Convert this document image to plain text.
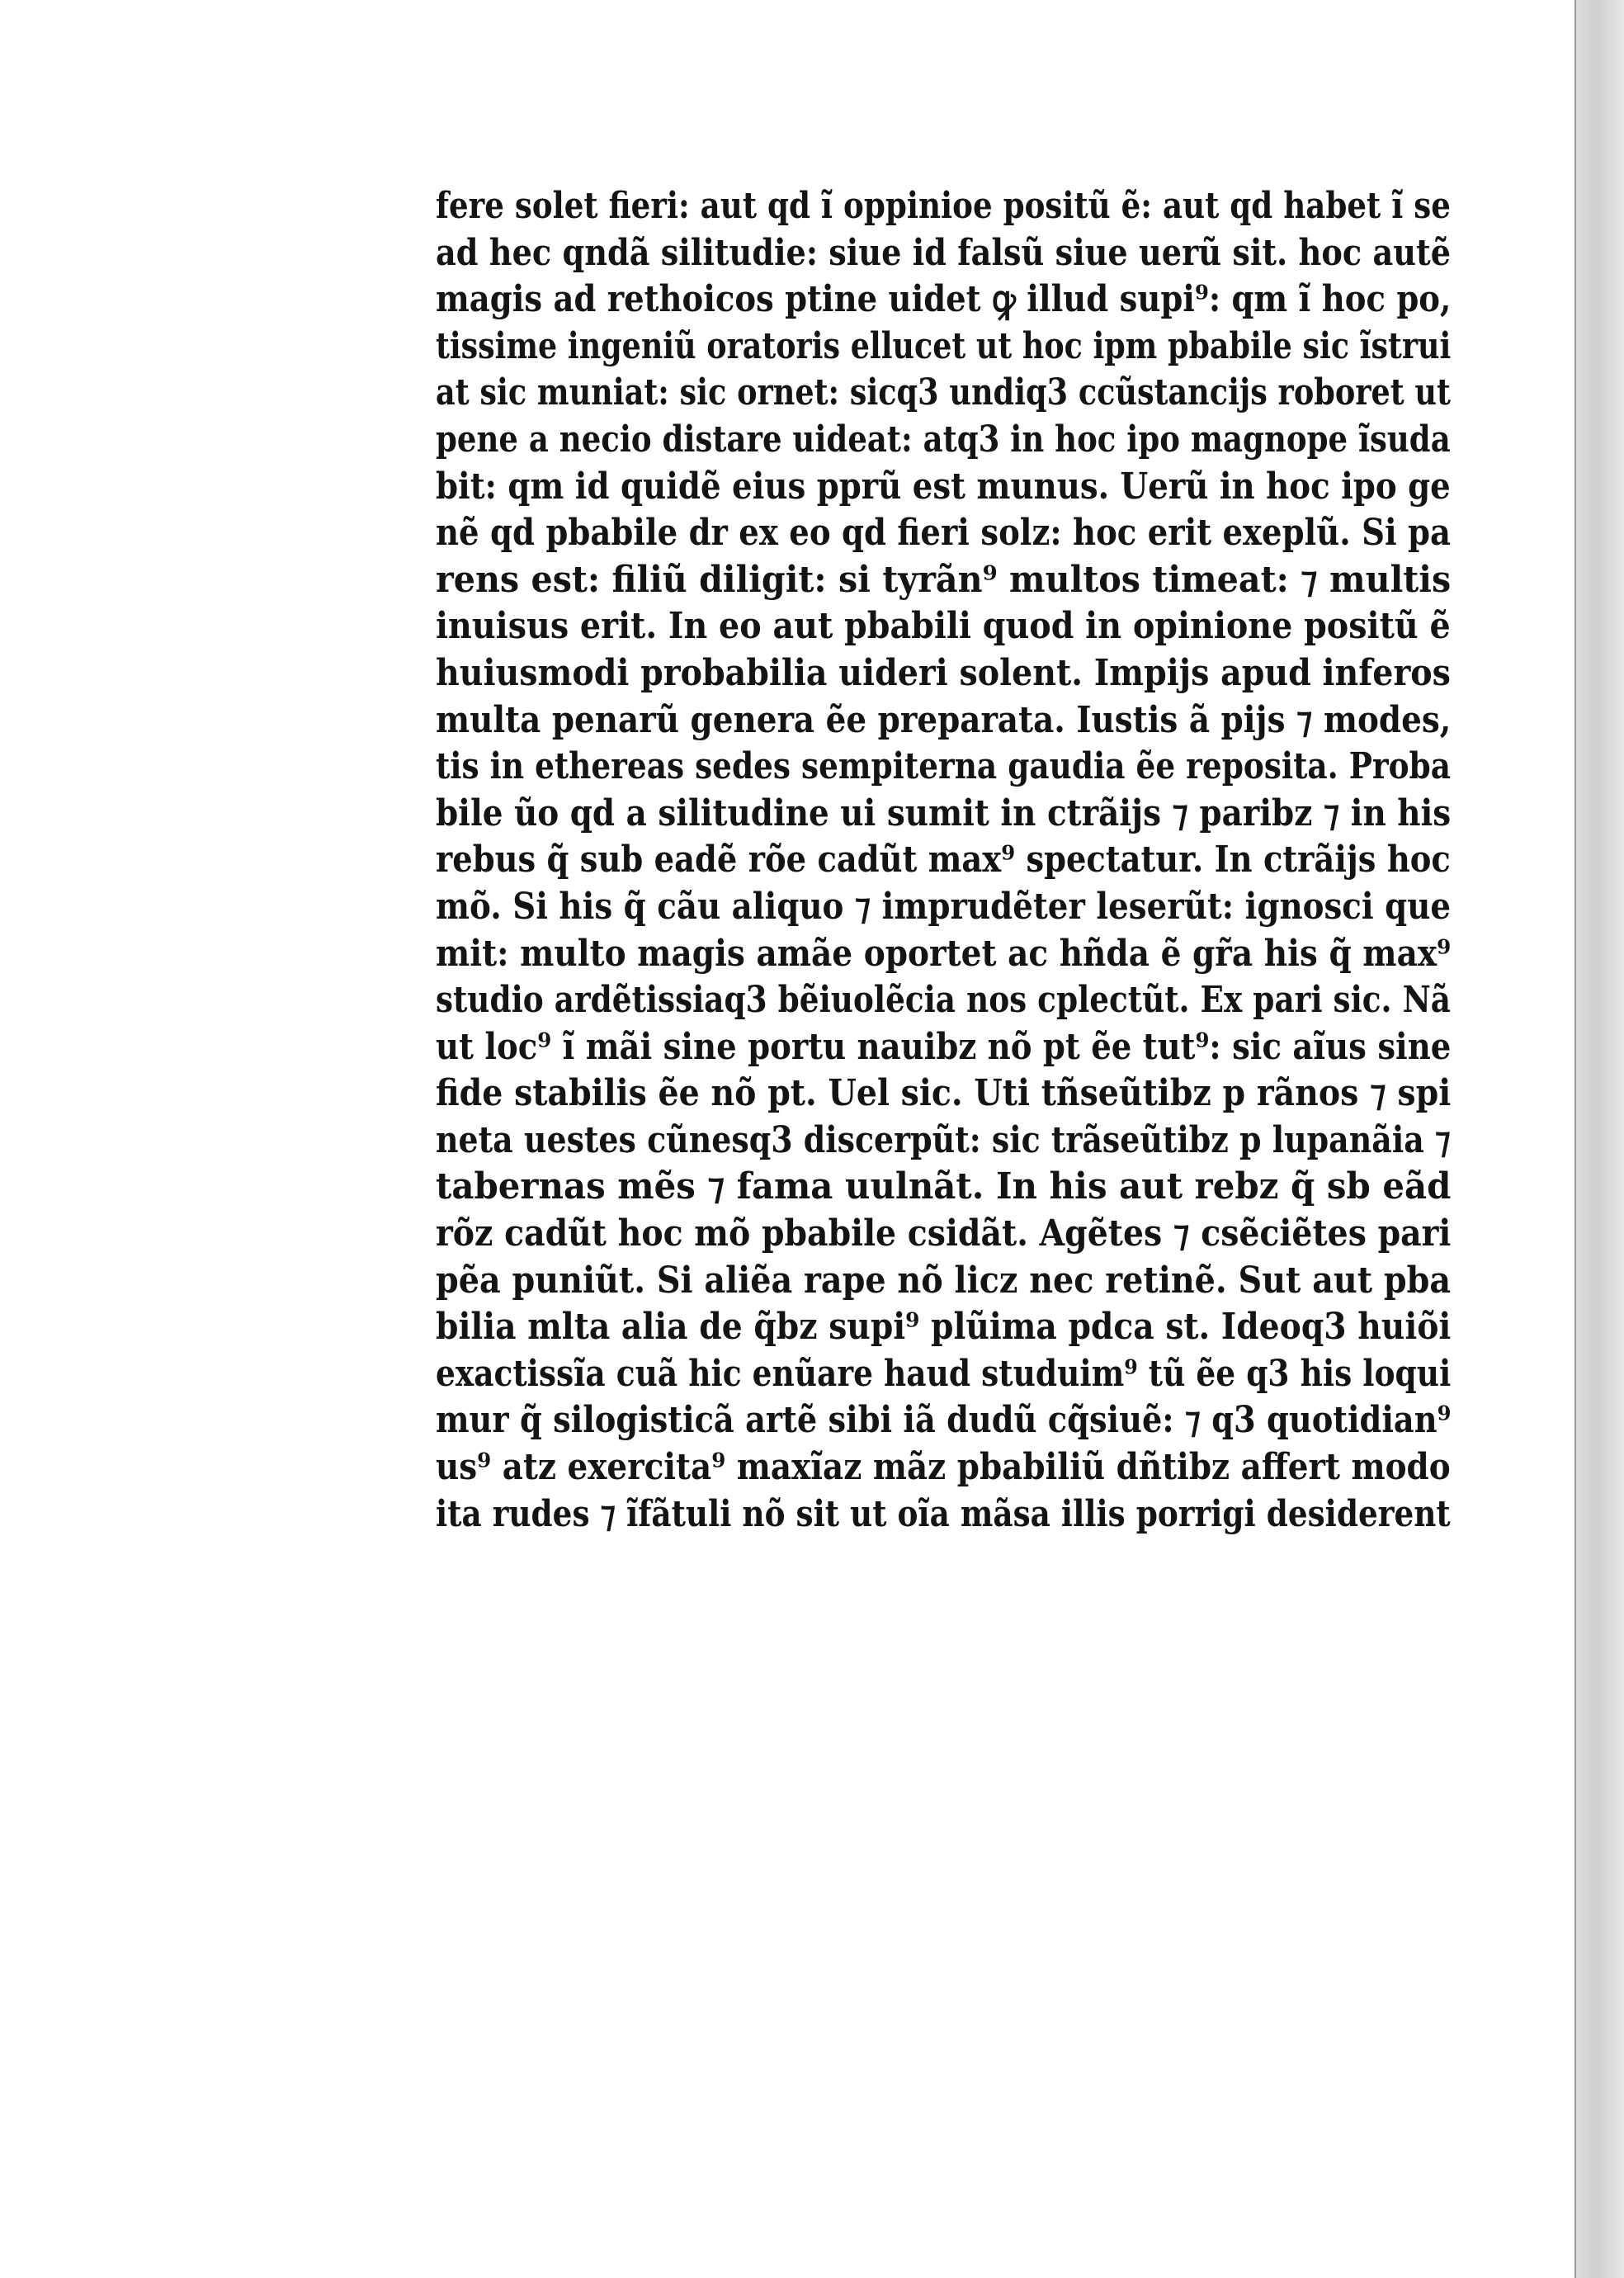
fere solet fieri: aut qd ĩ oppinioe positũ ẽ: aut qd habet ĩ se
ad hec qndã silitudie: siue id falsũ siue uerũ sit. hoc autẽ
magis ad rethoicos ptine uidet ꝙ illud supi⁹: qm ĩ hoc po,
tissime ingeniũ oratoris ellucet ut hoc ipm pbabile sic ĩstrui
at sic muniat: sic ornet: sicq3 undiq3 ccũstancijs roboret ut
pene a necio distare uideat: atq3 in hoc ipo magnope ĩsuda
bit: qm id quidẽ eius pprũ est munus. Uerũ in hoc ipo ge
nẽ qd pbabile dr ex eo qd fieri solz: hoc erit exeplũ. Si pa
rens est: filiũ diligit: si tyrãn⁹ multos timeat: ⁊ multis
inuisus erit. In eo aut pbabili quod in opinione positũ ẽ
huiusmodi probabilia uideri solent. Impijs apud inferos
multa penarũ genera ẽe preparata. Iustis ã pijs ⁊ modes,
tis in ethereas sedes sempiterna gaudia ẽe reposita. Proba
bile ũo qd a silitudine ui sumit in ctrãijs ⁊ paribz ⁊ in his
rebus q̃ sub eadẽ rõe cadũt max⁹ spectatur. In ctrãijs hoc
mõ. Si his q̃ cãu aliquo ⁊ imprudẽter leserũt: ignosci que
mit: multo magis amãe oportet ac hñda ẽ gr̃a his q̃ max⁹
studio ardẽtissiaq3 bẽiuolẽcia nos cplectũt. Ex pari sic. Nã
ut loc⁹ ĩ mãi sine portu nauibz nõ pt ẽe tut⁹: sic aĩus sine
fide stabilis ẽe nõ pt. Uel sic. Uti tñseũtibz p rãnos ⁊ spi
neta uestes cũnesq3 discerpũt: sic trãseũtibz p lupanãia ⁊
tabernas mẽs ⁊ fama uulnãt. In his aut rebz q̃ sb eãd
rõz cadũt hoc mõ pbabile csidãt. Agẽtes ⁊ csẽciẽtes pari
pẽa puniũt. Si aliẽa rape nõ licz nec retinẽ. Sut aut pba
bilia mlta alia de q̃bz supi⁹ plũima pdca st. Ideoq3 huiõi
exactissĩa cuã hic enũare haud studuim⁹ tũ ẽe q3 his loqui
mur q̃ silogisticã artẽ sibi iã dudũ cq̃siuẽ: ⁊ q3 quotidian⁹
us⁹ atz exercita⁹ maxĩaz mãz pbabiliũ dñtibz affert modo
ita rudes ⁊ ĩfãtuli nõ sit ut oĩa mãsa illis porrigi desiderent
